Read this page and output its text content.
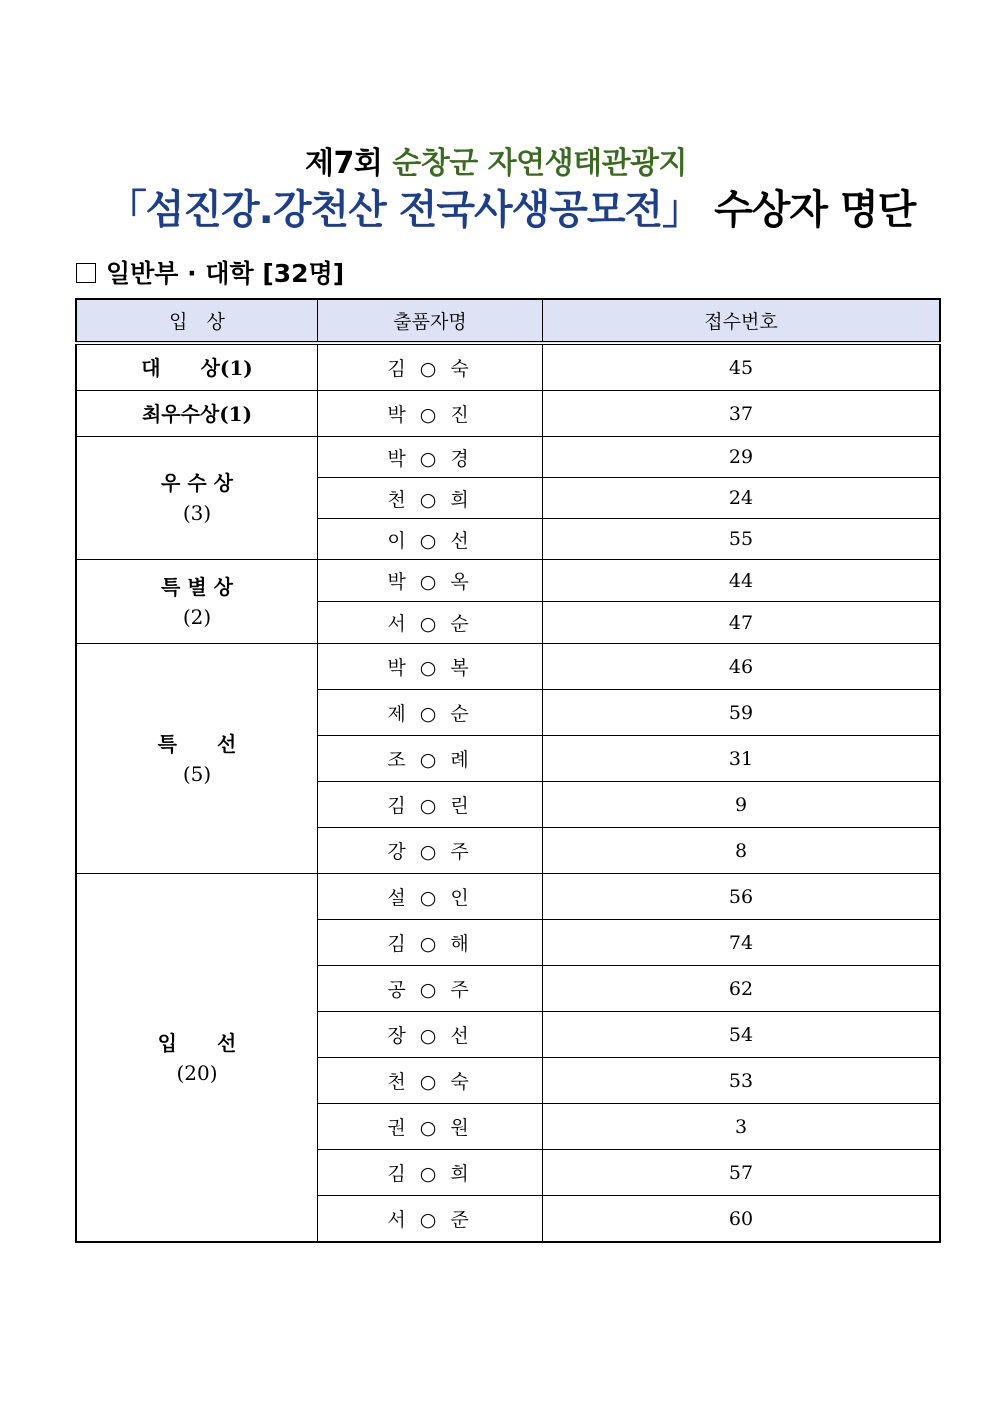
제7회 순창군 자연생태관광지
「섬진강.강천산 전국사생공모전」 수상자 명단
일반부 · 대학 [32명]
입　상	출품자명	접수번호

대　　상(1)	김 ○ 숙	45

최우수상(1)	박 ○ 진	37

우 수 상
(3)	박 ○ 경	29
	천 ○ 희	24
	이 ○ 선	55

특 별 상
(2)	박 ○ 옥	44
	서 ○ 순	47

특　　선
(5)	박 ○ 복	46
	제 ○ 순	59
	조 ○ 례	31
	김 ○ 린	9
	강 ○ 주	8

입　　선
(20)	설 ○ 인	56
	김 ○ 해	74
	공 ○ 주	62
	장 ○ 선	54
	천 ○ 숙	53
	권 ○ 원	3
	김 ○ 희	57
	서 ○ 준	60
